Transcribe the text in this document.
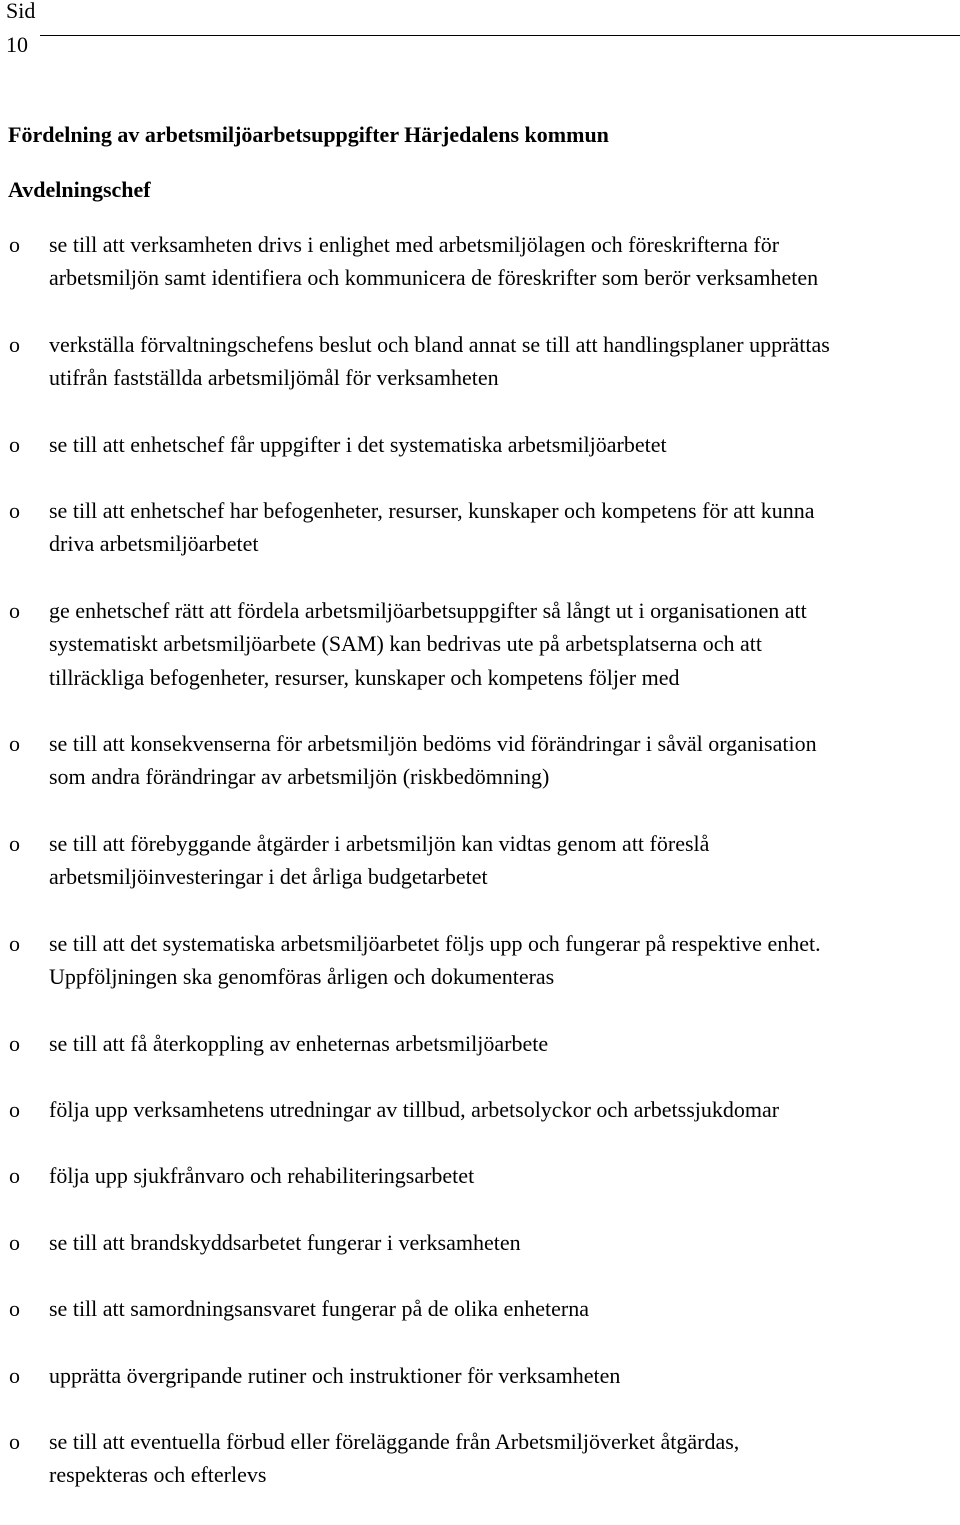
Sid
10
Fördelning av arbetsmiljöarbetsuppgifter Härjedalens kommun
Avdelningschef
o se till att verksamheten drivs i enlighet med arbetsmiljölagen och föreskrifterna för
arbetsmiljön samt identifiera och kommunicera de föreskrifter som berör verksamheten
o verkställa förvaltningschefens beslut och bland annat se till att handlingsplaner upprättas
utifrån fastställda arbetsmiljömål för verksamheten
o se till att enhetschef får uppgifter i det systematiska arbetsmiljöarbetet
o se till att enhetschef har befogenheter, resurser, kunskaper och kompetens för att kunna
driva arbetsmiljöarbetet
o ge enhetschef rätt att fördela arbetsmiljöarbetsuppgifter så långt ut i organisationen att
systematiskt arbetsmiljöarbete (SAM) kan bedrivas ute på arbetsplatserna och att
tillräckliga befogenheter, resurser, kunskaper och kompetens följer med
o se till att konsekvenserna för arbetsmiljön bedöms vid förändringar i såväl organisation
som andra förändringar av arbetsmiljön (riskbedömning)
o se till att förebyggande åtgärder i arbetsmiljön kan vidtas genom att föreslå
arbetsmiljöinvesteringar i det årliga budgetarbetet
o se till att det systematiska arbetsmiljöarbetet följs upp och fungerar på respektive enhet.
Uppföljningen ska genomföras årligen och dokumenteras
o se till att få återkoppling av enheternas arbetsmiljöarbete
o följa upp verksamhetens utredningar av tillbud, arbetsolyckor och arbetssjukdomar
o följa upp sjukfrånvaro och rehabiliteringsarbetet
o se till att brandskyddsarbetet fungerar i verksamheten
o se till att samordningsansvaret fungerar på de olika enheterna
o upprätta övergripande rutiner och instruktioner för verksamheten
o se till att eventuella förbud eller föreläggande från Arbetsmiljöverket åtgärdas,
respekteras och efterlevs
